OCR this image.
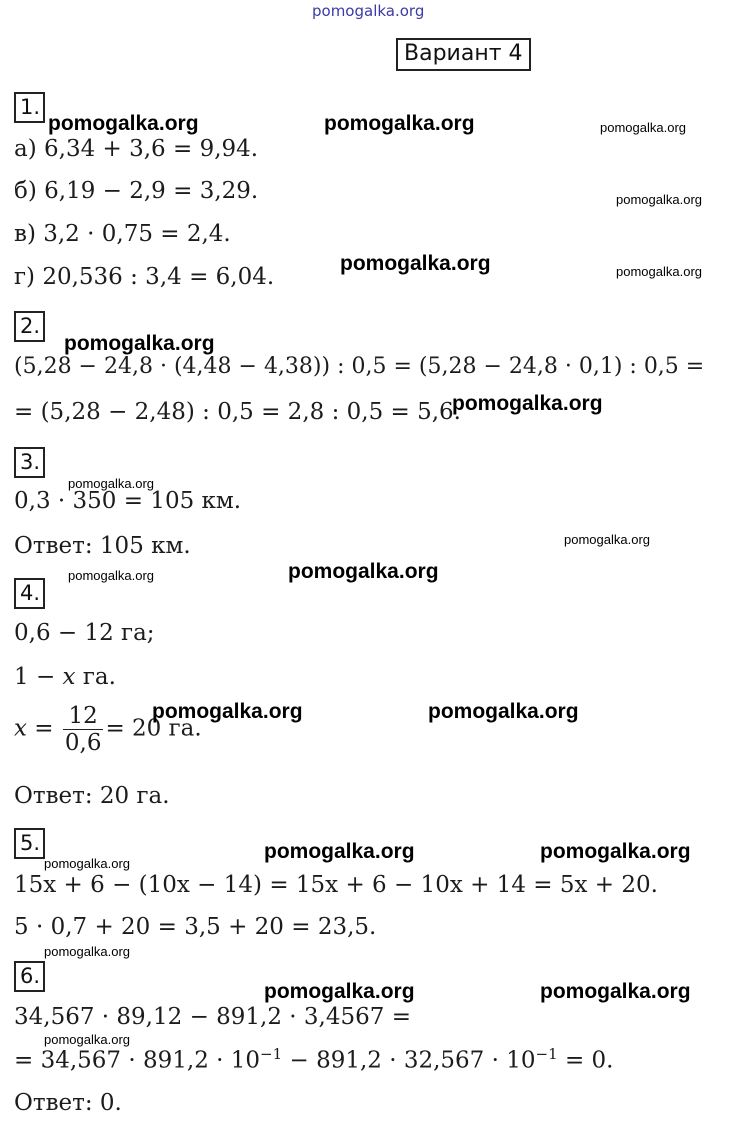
pomogalka.org
Вариант 4
1.
а) 6,34 + 3,6 = 9,94.
б) 6,19 − 2,9 = 3,29.
в) 3,2 · 0,75 = 2,4.
г) 20,536 : 3,4 = 6,04.
2.
(5,28 − 24,8 · (4,48 − 4,38)) : 0,5 = (5,28 − 24,8 · 0,1) : 0,5 =
= (5,28 − 2,48) : 0,5 = 2,8 : 0,5 = 5,6.
3.
0,3 · 350 = 105 км.
Ответ: 105 км.
4.
0,6 − 12 га;
1 − x га.
$x = \frac{12}{0,6} = 20$ га.
Ответ: 20 га.
5.
15x + 6 − (10x − 14) = 15x + 6 − 10x + 14 = 5x + 20.
5 · 0,7 + 20 = 3,5 + 20 = 23,5.
6.
34,567 · 89,12 − 891,2 · 3,4567 =
= $34,567 \cdot 891,2 \cdot 10^{-1} - 891,2 \cdot 32,567 \cdot 10^{-1} = 0$.
Ответ: 0.
pomogalka.org	pomogalka.org	pomogalka.org
pomogalka.org
pomogalka.org	pomogalka.org
pomogalka.org
pomogalka.org
pomogalka.org
pomogalka.org
pomogalka.org	pomogalka.org
pomogalka.org	pomogalka.org
pomogalka.org	pomogalka.org
pomogalka.org
pomogalka.org
pomogalka.org	pomogalka.org
pomogalka.org
